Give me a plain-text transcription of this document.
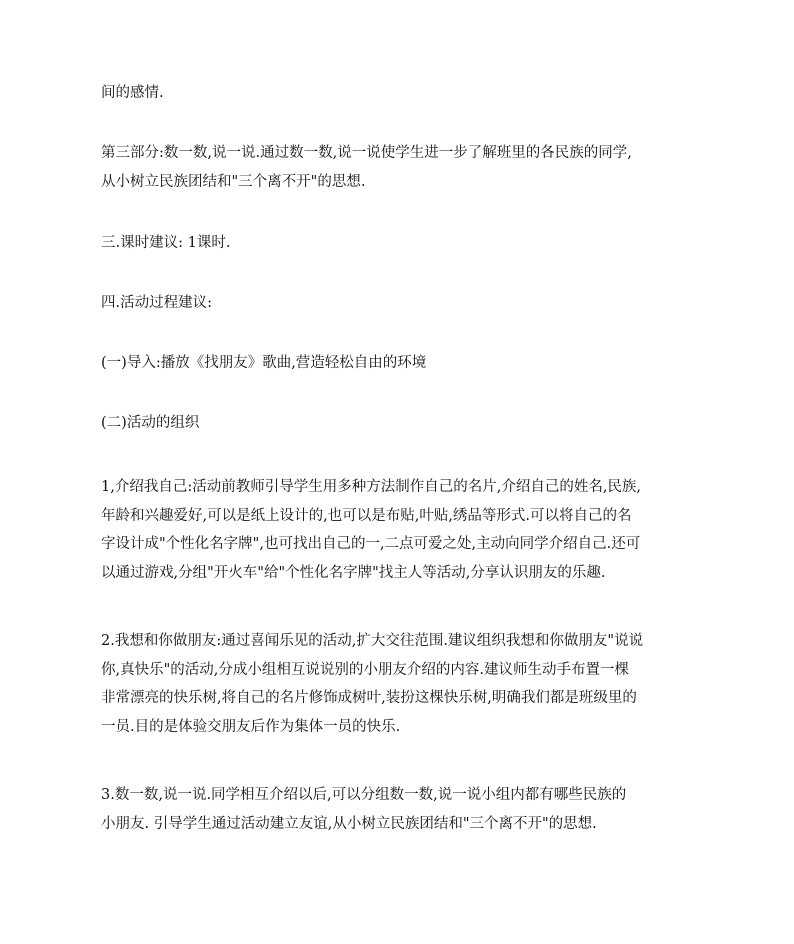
间的感情.

第三部分:数一数,说一说.通过数一数,说一说使学生进一步了解班里的各民族的同学,
从小树立民族团结和"三个离不开"的思想.

三.课时建议: 1课时.

四.活动过程建议:

(一)导入:播放《找朋友》歌曲,营造轻松自由的环境

(二)活动的组织

1,介绍我自己:活动前教师引导学生用多种方法制作自己的名片,介绍自己的姓名,民族,
年龄和兴趣爱好,可以是纸上设计的,也可以是布贴,叶贴,绣品等形式.可以将自己的名
字设计成"个性化名字牌",也可找出自己的一,二点可爱之处,主动向同学介绍自己.还可
以通过游戏,分组"开火车"给"个性化名字牌"找主人等活动,分享认识朋友的乐趣.

2.我想和你做朋友:通过喜闻乐见的活动,扩大交往范围.建议组织我想和你做朋友"说说
你,真快乐"的活动,分成小组相互说说别的小朋友介绍的内容.建议师生动手布置一棵
非常漂亮的快乐树,将自己的名片修饰成树叶,装扮这棵快乐树,明确我们都是班级里的
一员.目的是体验交朋友后作为集体一员的快乐.

3.数一数,说一说.同学相互介绍以后,可以分组数一数,说一说小组内都有哪些民族的
小朋友. 引导学生通过活动建立友谊,从小树立民族团结和"三个离不开"的思想.
